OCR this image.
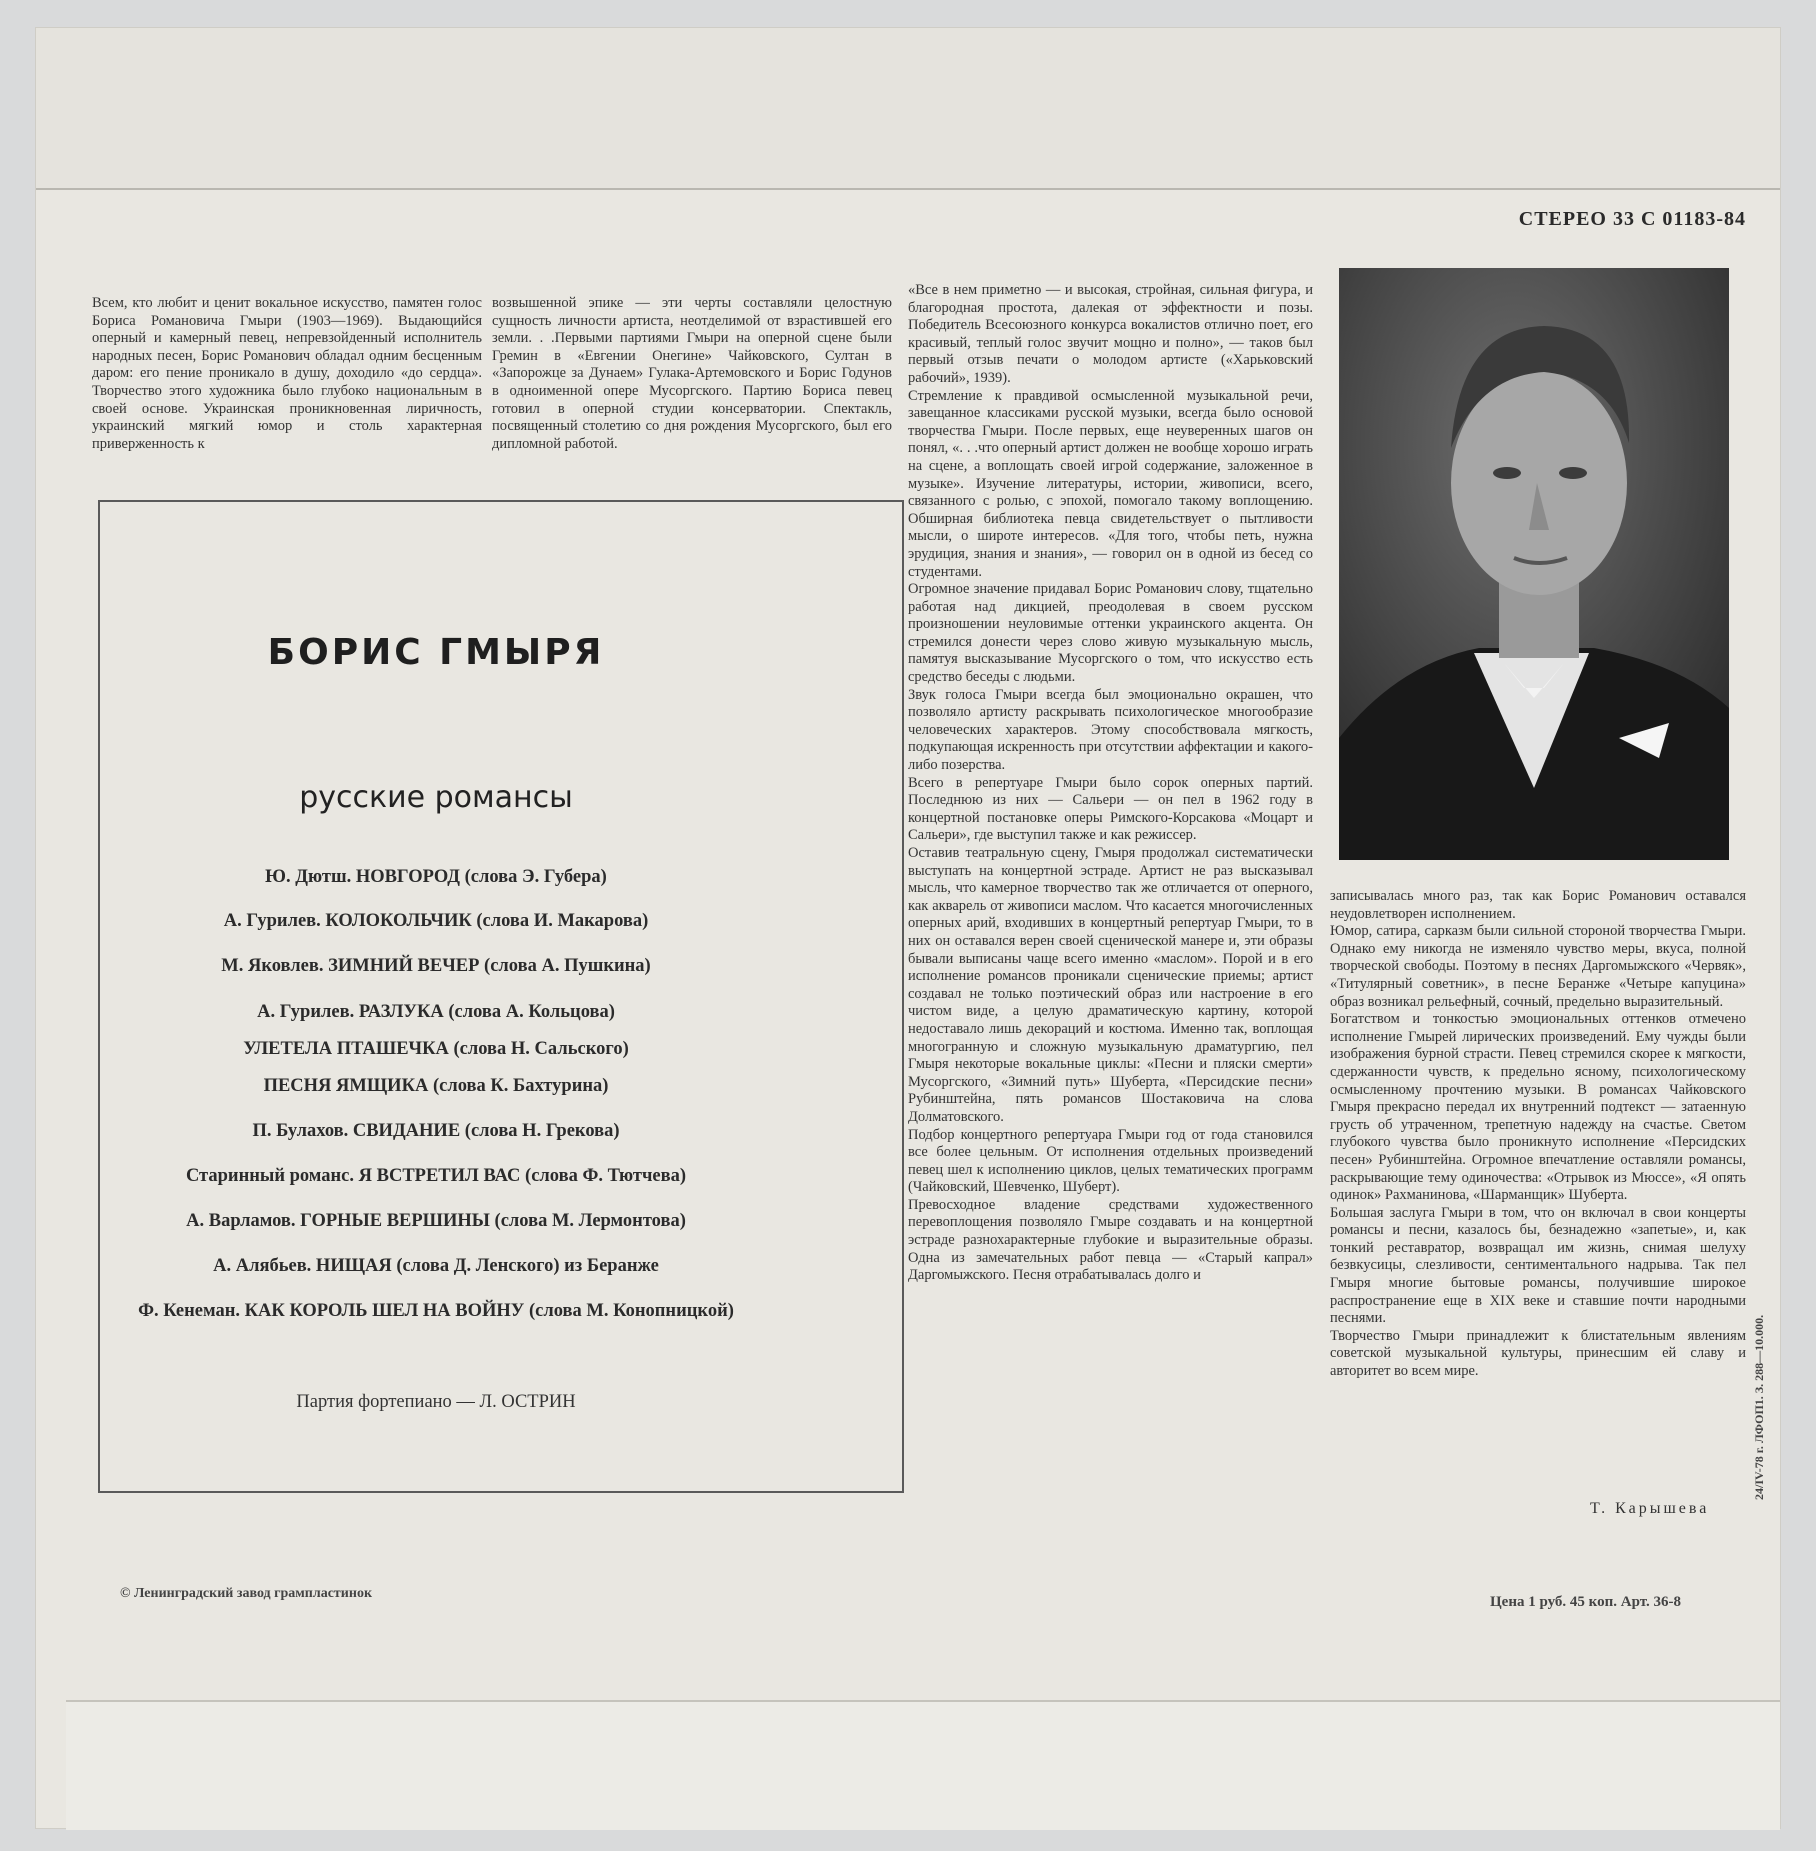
СТЕРЕО 33 С 01183-84

Всем, кто любит и ценит вокальное искусство, памятен голос Бориса Романовича Гмыри (1903—1969). Выдающийся оперный и камерный певец, непревзойденный исполнитель народных песен, Борис Романович обладал одним бесценным даром: его пение проникало в душу, доходило «до сердца». Творчество этого художника было глубоко национальным в своей основе. Украинская проникновенная лиричность, украинский мягкий юмор и столь характерная приверженность к

возвышенной эпике — эти черты составляли целостную сущность личности артиста, неотделимой от взрастившей его земли. . .Первыми партиями Гмыри на оперной сцене были Гремин в «Евгении Онегине» Чайковского, Султан в «Запорожце за Дунаем» Гулака-Артемовского и Борис Годунов в одноименной опере Мусоргского. Партию Бориса певец готовил в оперной студии консерватории. Спектакль, посвященный столетию со дня рождения Мусоргского, был его дипломной работой.

«Все в нем приметно — и высокая, стройная, сильная фигура, и благородная простота, далекая от эффектности и позы. Победитель Всесоюзного конкурса вокалистов отлично поет, его красивый, теплый голос звучит мощно и полно», — таков был первый отзыв печати о молодом артисте («Харьковский рабочий», 1939).

Стремление к правдивой осмысленной музыкальной речи, завещанное классиками русской музыки, всегда было основой творчества Гмыри. После первых, еще неуверенных шагов он понял, «. . .что оперный артист должен не вообще хорошо играть на сцене, а воплощать своей игрой содержание, заложенное в музыке». Изучение литературы, истории, живописи, всего, связанного с ролью, с эпохой, помогало такому воплощению. Обширная библиотека певца свидетельствует о пытливости мысли, о широте интересов. «Для того, чтобы петь, нужна эрудиция, знания и знания», — говорил он в одной из бесед со студентами.

Огромное значение придавал Борис Романович слову, тщательно работая над дикцией, преодолевая в своем русском произношении неуловимые оттенки украинского акцента. Он стремился донести через слово живую музыкальную мысль, памятуя высказывание Мусоргского о том, что искусство есть средство беседы с людьми.

Звук голоса Гмыри всегда был эмоционально окрашен, что позволяло артисту раскрывать психологическое многообразие человеческих характеров. Этому способствовала мягкость, подкупающая искренность при отсутствии аффектации и какого-либо позерства.

Всего в репертуаре Гмыри было сорок оперных партий. Последнюю из них — Сальери — он пел в 1962 году в концертной постановке оперы Римского-Корсакова «Моцарт и Сальери», где выступил также и как режиссер.

Оставив театральную сцену, Гмыря продолжал систематически выступать на концертной эстраде. Артист не раз высказывал мысль, что камерное творчество так же отличается от оперного, как акварель от живописи маслом. Что касается многочисленных оперных арий, входивших в концертный репертуар Гмыри, то в них он оставался верен своей сценической манере и, эти образы бывали выписаны чаще всего именно «маслом». Порой и в его исполнение романсов проникали сценические приемы; артист создавал не только поэтический образ или настроение в его чистом виде, а целую драматическую картину, которой недоставало лишь декораций и костюма. Именно так, воплощая многогранную и сложную музыкальную драматургию, пел Гмыря некоторые вокальные циклы: «Песни и пляски смерти» Мусоргского, «Зимний путь» Шуберта, «Персидские песни» Рубинштейна, пять романсов Шостаковича на слова Долматовского.

Подбор концертного репертуара Гмыри год от года становился все более цельным. От исполнения отдельных произведений певец шел к исполнению циклов, целых тематических программ (Чайковский, Шевченко, Шуберт).

Превосходное владение средствами художественного перевоплощения позволяло Гмыре создавать и на концертной эстраде разнохарактерные глубокие и выразительные образы. Одна из замечательных работ певца — «Старый капрал» Даргомыжского. Песня отрабатывалась долго и

записывалась много раз, так как Борис Романович оставался неудовлетворен исполнением.

Юмор, сатира, сарказм были сильной стороной творчества Гмыри. Однако ему никогда не изменяло чувство меры, вкуса, полной творческой свободы. Поэтому в песнях Даргомыжского «Червяк», «Титулярный советник», в песне Беранже «Четыре капуцина» образ возникал рельефный, сочный, предельно выразительный.

Богатством и тонкостью эмоциональных оттенков отмечено исполнение Гмырей лирических произведений. Ему чужды были изображения бурной страсти. Певец стремился скорее к мягкости, сдержанности чувств, к предельно ясному, психологическому осмысленному прочтению музыки. В романсах Чайковского Гмыря прекрасно передал их внутренний подтекст — затаенную грусть об утраченном, трепетную надежду на счастье. Светом глубокого чувства было проникнуто исполнение «Персидских песен» Рубинштейна. Огромное впечатление оставляли романсы, раскрывающие тему одиночества: «Отрывок из Мюссе», «Я опять одинок» Рахманинова, «Шарманщик» Шуберта.

Большая заслуга Гмыри в том, что он включал в свои концерты романсы и песни, казалось бы, безнадежно «запетые», и, как тонкий реставратор, возвращал им жизнь, снимая шелуху безвкусицы, слезливости, сентиментального надрыва. Так пел Гмыря многие бытовые романсы, получившие широкое распространение еще в XIX веке и ставшие почти народными песнями.

Творчество Гмыри принадлежит к блистательным явлениям советской музыкальной культуры, принесшим ей славу и авторитет во всем мире.

Т. Карышева
БОРИС ГМЫРЯ
русские романсы
Ю. Дютш. НОВГОРОД (слова Э. Губера)
А. Гурилев. КОЛОКОЛЬЧИК (слова И. Макарова)
М. Яковлев. ЗИМНИЙ ВЕЧЕР (слова А. Пушкина)
А. Гурилев. РАЗЛУКА (слова А. Кольцова)
УЛЕТЕЛА ПТАШЕЧКА (слова Н. Сальского)
ПЕСНЯ ЯМЩИКА (слова К. Бахтурина)
П. Булахов. СВИДАНИЕ (слова Н. Грекова)
Старинный романс. Я ВСТРЕТИЛ ВАС (слова Ф. Тютчева)
А. Варламов. ГОРНЫЕ ВЕРШИНЫ (слова М. Лермонтова)
А. Алябьев. НИЩАЯ (слова Д. Ленского) из Беранже
Ф. Кенеман. КАК КОРОЛЬ ШЕЛ НА ВОЙНУ (слова М. Конопницкой)
Партия фортепиано — Л. ОСТРИН
© Ленинградский завод грампластинок
Цена 1 руб. 45 коп. Арт. 36-8
24/IV-78 г. ЛФОП1. З. 288—10.000.
